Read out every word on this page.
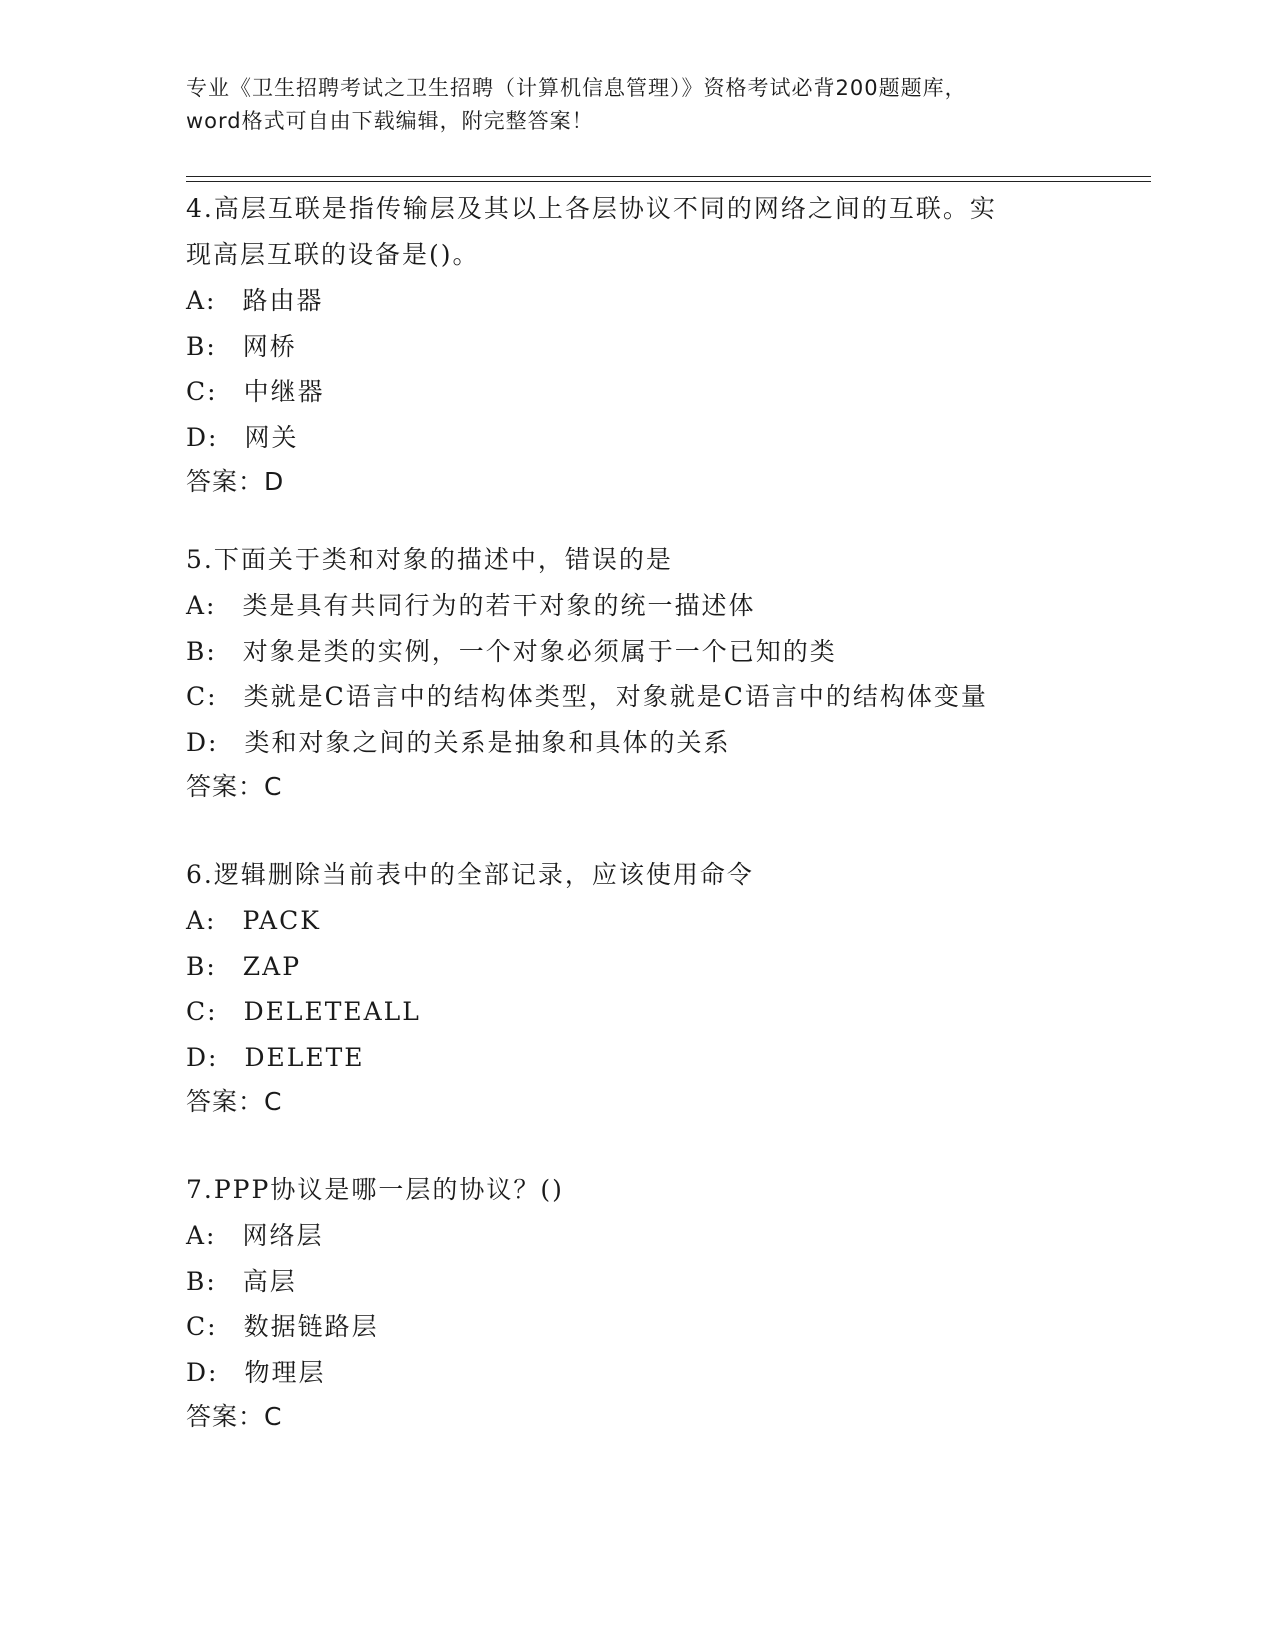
专业《卫生招聘考试之卫生招聘（计算机信息管理）》资格考试必背200题题库，
word格式可自由下载编辑，附完整答案！
4.高层互联是指传输层及其以上各层协议不同的网络之间的互联。实
现高层互联的设备是()。
A: 路由器
B: 网桥
C: 中继器
D: 网关
答案：D
5.下面关于类和对象的描述中，错误的是
A: 类是具有共同行为的若干对象的统一描述体
B: 对象是类的实例，一个对象必须属于一个已知的类
C: 类就是C语言中的结构体类型，对象就是C语言中的结构体变量
D: 类和对象之间的关系是抽象和具体的关系
答案：C
6.逻辑删除当前表中的全部记录，应该使用命令
A: PACK
B: ZAP
C: DELETEALL
D: DELETE
答案：C
7.PPP协议是哪一层的协议？()
A: 网络层
B: 高层
C: 数据链路层
D: 物理层
答案：C
